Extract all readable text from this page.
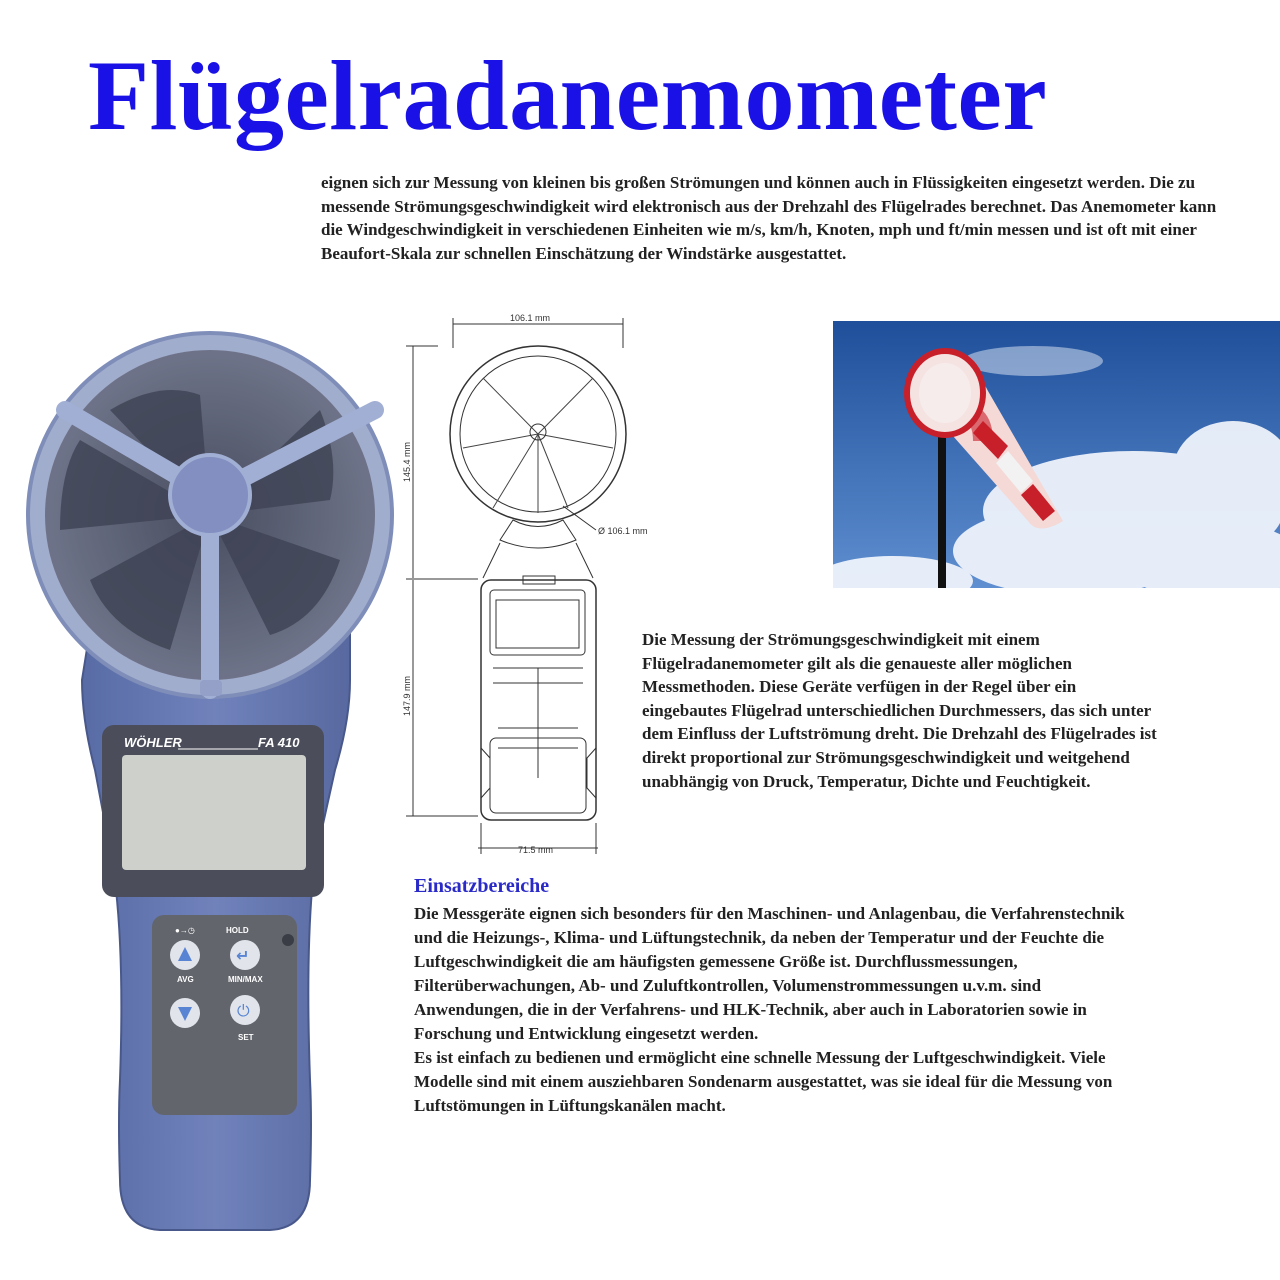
Flügelradanemometer

eignen sich zur Messung von kleinen bis großen Strömungen und können auch in Flüssigkeiten eingesetzt werden. Die zu messende Strömungsgeschwindigkeit wird elektronisch aus der Drehzahl des Flügelrades berechnet. Das Anemometer kann die Windgeschwindigkeit in verschiedenen Einheiten wie m/s, km/h, Knoten, mph und ft/min messen und ist oft mit einer Beaufort-Skala zur schnellen Einschätzung der Windstärke ausgestattet.

WÖHLER	FA 410
●→◷	HOLD
↵
AVG	MIN/MAX
⏻
SET
106.1 mm
145.4 mm
147.9 mm
Ø 106.1 mm
71.5 mm

Die Messung der Strömungsgeschwindigkeit mit einem Flügelradanemometer gilt als die genaueste aller möglichen Messmethoden. Diese Geräte verfügen in der Regel über ein eingebautes Flügelrad unterschiedlichen Durchmessers, das sich unter dem Einfluss der Luftströmung dreht. Die Drehzahl des Flügelrades ist direkt proportional zur Strömungsgeschwindigkeit und weitgehend unabhängig von Druck, Temperatur, Dichte und Feuchtigkeit.

Einsatzbereiche

Die Messgeräte eignen sich besonders für den Maschinen- und Anlagenbau, die Verfahrenstechnik und die Heizungs-, Klima- und Lüftungstechnik, da neben der Temperatur und der Feuchte die Luftgeschwindigkeit die am häufigsten gemessene Größe ist. Durchflussmessungen, Filterüberwachungen, Ab- und Zuluftkontrollen, Volumenstrommessungen u.v.m. sind Anwendungen, die in der Verfahrens- und HLK-Technik, aber auch in Laboratorien sowie in Forschung und Entwicklung eingesetzt werden.

Es ist einfach zu bedienen und ermöglicht eine schnelle Messung der Luftgeschwindigkeit. Viele Modelle sind mit einem ausziehbaren Sondenarm ausgestattet, was sie ideal für die Messung von Luftstömungen in Lüftungskanälen macht.
